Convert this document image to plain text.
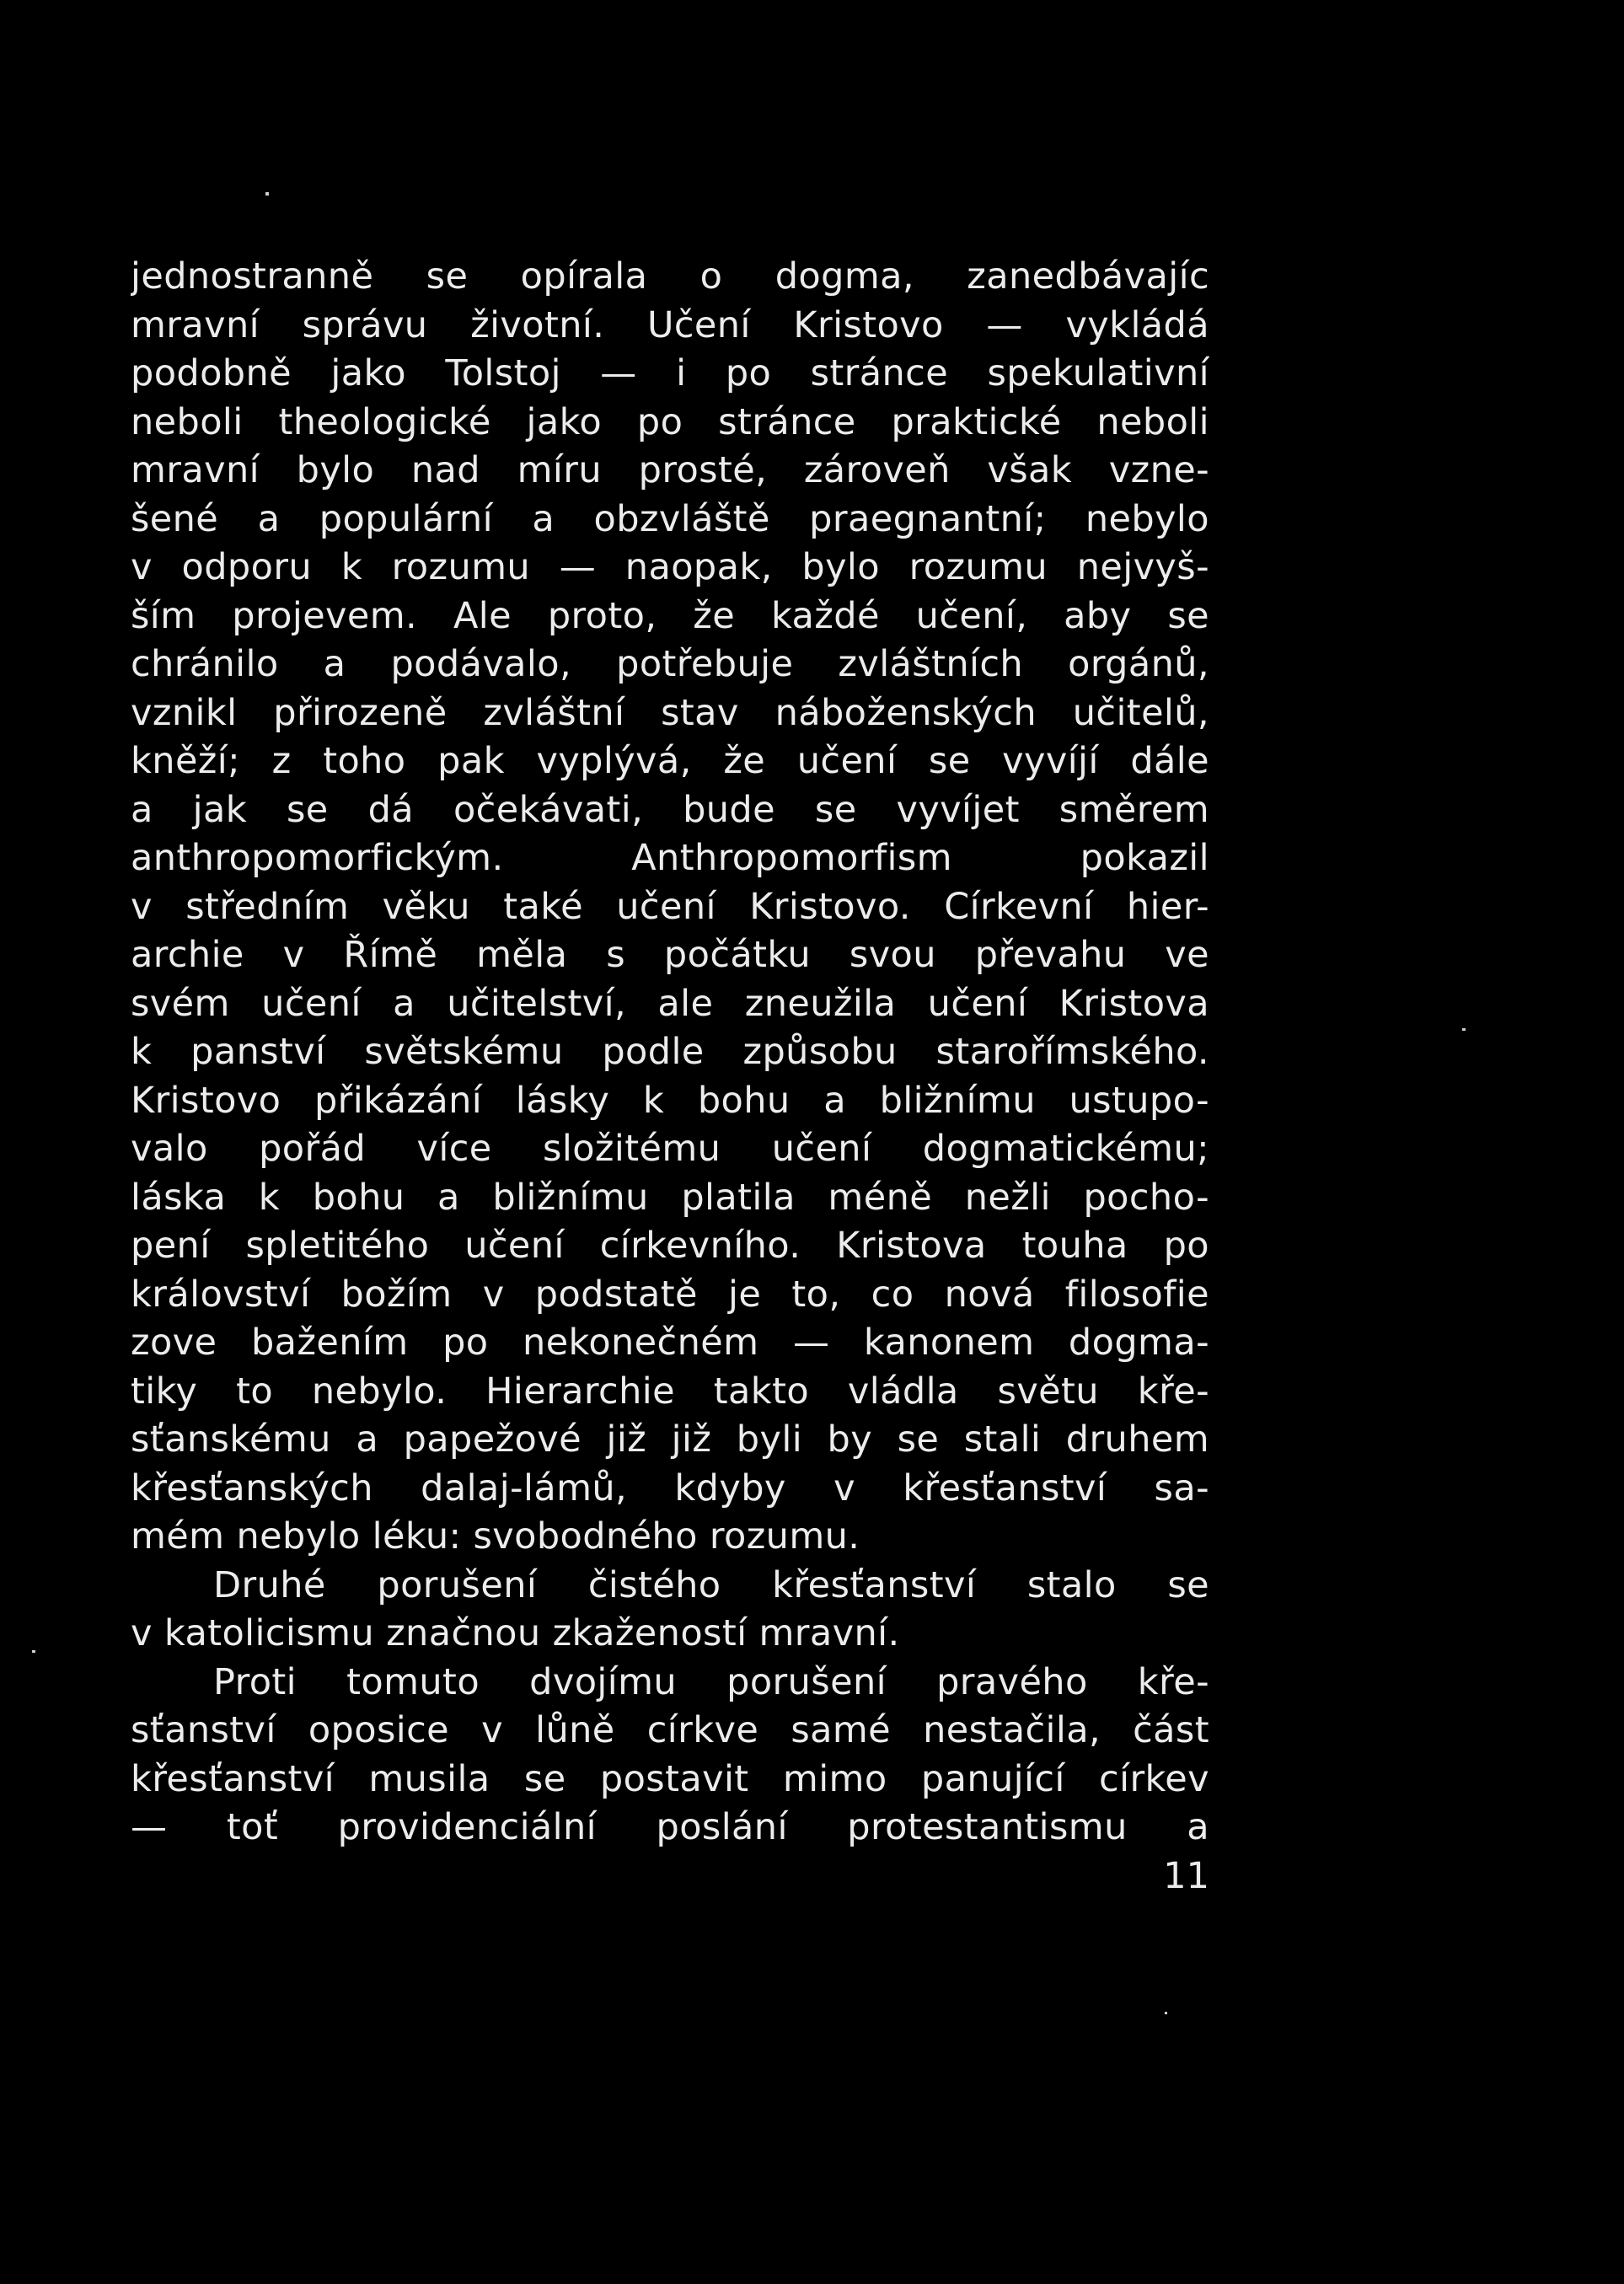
jednostranně se opírala o dogma, zanedbávajíc
mravní správu životní. Učení Kristovo — vykládá
podobně jako Tolstoj — i po stránce spekulativní
neboli theologické jako po stránce praktické neboli
mravní bylo nad míru prosté, zároveň však vzne-
šené a populární a obzvláště praegnantní; nebylo
v odporu k rozumu — naopak, bylo rozumu nejvyš-
ším projevem. Ale proto, že každé učení, aby se
chránilo a podávalo, potřebuje zvláštních orgánů,
vznikl přirozeně zvláštní stav náboženských učitelů,
kněží; z toho pak vyplývá, že učení se vyvíjí dále
a jak se dá očekávati, bude se vyvíjet směrem
anthropomorfickým. Anthropomorfism pokazil
v středním věku také učení Kristovo. Církevní hier-
archie v Římě měla s počátku svou převahu ve
svém učení a učitelství, ale zneužila učení Kristova
k panství světskému podle způsobu starořímského.
Kristovo přikázání lásky k bohu a bližnímu ustupo-
valo pořád více složitému učení dogmatickému;
láska k bohu a bližnímu platila méně nežli pocho-
pení spletitého učení církevního. Kristova touha po
království božím v podstatě je to, co nová filosofie
zove bažením po nekonečném — kanonem dogma-
tiky to nebylo. Hierarchie takto vládla světu kře-
sťanskému a papežové již již byli by se stali druhem
křesťanských dalaj-lámů, kdyby v křesťanství sa-
mém nebylo léku: svobodného rozumu.
Druhé porušení čistého křesťanství stalo se
v katolicismu značnou zkažeností mravní.
Proti tomuto dvojímu porušení pravého kře-
sťanství oposice v lůně církve samé nestačila, část
křesťanství musila se postavit mimo panující církev
— toť providenciální poslání protestantismu a
11
